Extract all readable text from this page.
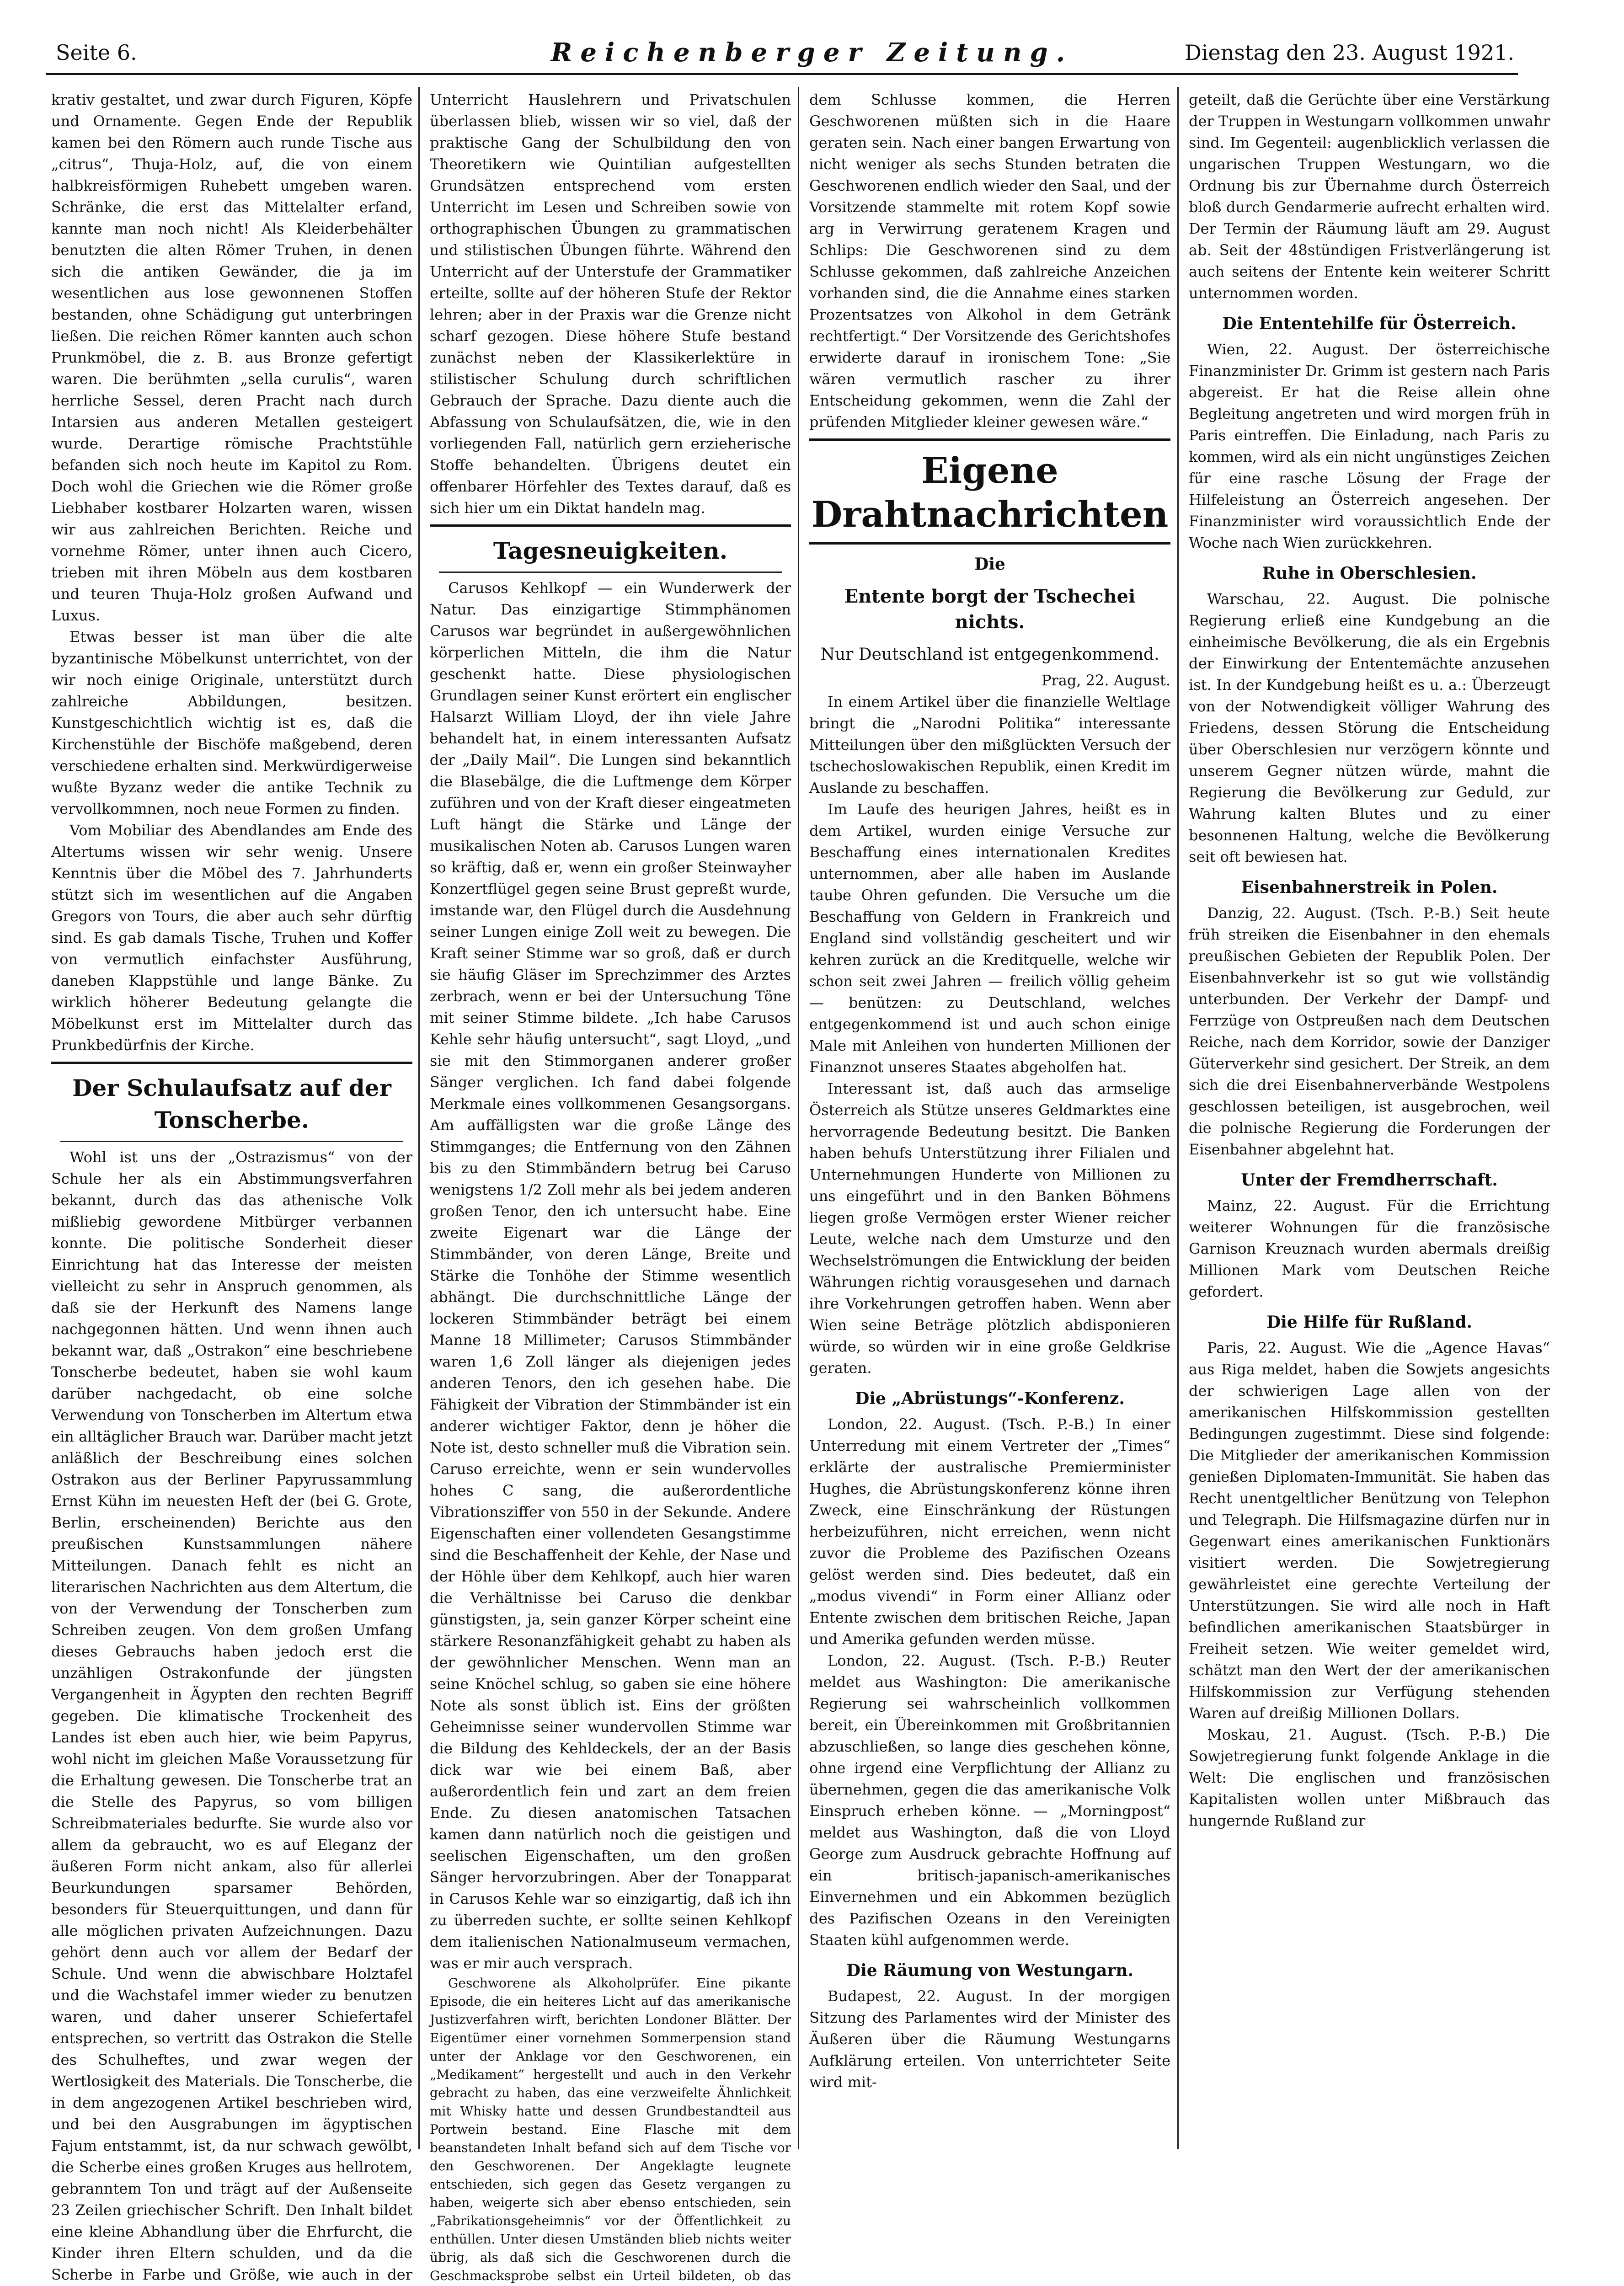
Seite 6.	Reichenberger Zeitung.	Dienstag den 23. August 1921.

krativ gestaltet, und zwar durch Figuren, Köpfe und Ornamente. Gegen Ende der Republik kamen bei den Römern auch runde Tische aus „citrus“, Thuja-Holz, auf, die von einem halbkreisförmigen Ruhebett umgeben waren. Schränke, die erst das Mittelalter erfand, kannte man noch nicht! Als Kleiderbehälter benutzten die alten Römer Truhen, in denen sich die antiken Gewänder, die ja im wesentlichen aus lose gewonnenen Stoffen bestanden, ohne Schädigung gut unterbringen ließen. Die reichen Römer kannten auch schon Prunkmöbel, die z. B. aus Bronze gefertigt waren. Die berühmten „sella curulis“, waren herrliche Sessel, deren Pracht nach durch Intarsien aus anderen Metallen gesteigert wurde. Derartige römische Prachtstühle befanden sich noch heute im Kapitol zu Rom. Doch wohl die Griechen wie die Römer große Liebhaber kostbarer Holzarten waren, wissen wir aus zahlreichen Berichten. Reiche und vornehme Römer, unter ihnen auch Cicero, trieben mit ihren Möbeln aus dem kostbaren und teuren Thuja-Holz großen Aufwand und Luxus.

Etwas besser ist man über die alte byzantinische Möbelkunst unterrichtet, von der wir noch einige Originale, unterstützt durch zahlreiche Abbildungen, besitzen. Kunstgeschichtlich wichtig ist es, daß die Kirchenstühle der Bischöfe maßgebend, deren verschiedene erhalten sind. Merkwürdigerweise wußte Byzanz weder die antike Technik zu vervollkommnen, noch neue Formen zu finden.

Vom Mobiliar des Abendlandes am Ende des Altertums wissen wir sehr wenig. Unsere Kenntnis über die Möbel des 7. Jahrhunderts stützt sich im wesentlichen auf die Angaben Gregors von Tours, die aber auch sehr dürftig sind. Es gab damals Tische, Truhen und Koffer von vermutlich einfachster Ausführung, daneben Klappstühle und lange Bänke. Zu wirklich höherer Bedeutung gelangte die Möbelkunst erst im Mittelalter durch das Prunkbedürfnis der Kirche.

Der Schulaufsatz auf der Tonscherbe.

Wohl ist uns der „Ostrazismus“ von der Schule her als ein Abstimmungsverfahren bekannt, durch das das athenische Volk mißliebig gewordene Mitbürger verbannen konnte. Die politische Sonderheit dieser Einrichtung hat das Interesse der meisten vielleicht zu sehr in Anspruch genommen, als daß sie der Herkunft des Namens lange nachgegonnen hätten. Und wenn ihnen auch bekannt war, daß „Ostrakon“ eine beschriebene Tonscherbe bedeutet, haben sie wohl kaum darüber nachgedacht, ob eine solche Verwendung von Tonscherben im Altertum etwa ein alltäglicher Brauch war. Darüber macht jetzt anläßlich der Beschreibung eines solchen Ostrakon aus der Berliner Papyrussammlung Ernst Kühn im neuesten Heft der (bei G. Grote, Berlin, erscheinenden) Berichte aus den preußischen Kunstsammlungen nähere Mitteilungen. Danach fehlt es nicht an literarischen Nachrichten aus dem Altertum, die von der Verwendung der Tonscherben zum Schreiben zeugen. Von dem großen Umfang dieses Gebrauchs haben jedoch erst die unzähligen Ostrakonfunde der jüngsten Vergangenheit in Ägypten den rechten Begriff gegeben. Die klimatische Trockenheit des Landes ist eben auch hier, wie beim Papyrus, wohl nicht im gleichen Maße Voraussetzung für die Erhaltung gewesen. Die Tonscherbe trat an die Stelle des Papyrus, so vom billigen Schreibmateriales bedurfte. Sie wurde also vor allem da gebraucht, wo es auf Eleganz der äußeren Form nicht ankam, also für allerlei Beurkundungen sparsamer Behörden, besonders für Steuerquittungen, und dann für alle möglichen privaten Aufzeichnungen. Dazu gehört denn auch vor allem der Bedarf der Schule. Und wenn die abwischbare Holztafel und die Wachstafel immer wieder zu benutzen waren, und daher unserer Schiefertafel entsprechen, so vertritt das Ostrakon die Stelle des Schulheftes, und zwar wegen der Wertlosigkeit des Materials. Die Tonscherbe, die in dem angezogenen Artikel beschrieben wird, und bei den Ausgrabungen im ägyptischen Fajum entstammt, ist, da nur schwach gewölbt, die Scherbe eines großen Kruges aus hellrotem, gebranntem Ton und trägt auf der Außenseite 23 Zeilen griechischer Schrift. Den Inhalt bildet eine kleine Abhandlung über die Ehrfurcht, die Kinder ihren Eltern schulden, und da die Scherbe in Farbe und Größe, wie auch in der

Unterricht Hauslehrern und Privatschulen überlassen blieb, wissen wir so viel, daß der praktische Gang der Schulbildung den von Theoretikern wie Quintilian aufgestellten Grundsätzen entsprechend vom ersten Unterricht im Lesen und Schreiben sowie von orthographischen Übungen zu grammatischen und stilistischen Übungen führte. Während den Unterricht auf der Unterstufe der Grammatiker erteilte, sollte auf der höheren Stufe der Rektor lehren; aber in der Praxis war die Grenze nicht scharf gezogen. Diese höhere Stufe bestand zunächst neben der Klassikerlektüre in stilistischer Schulung durch schriftlichen Gebrauch der Sprache. Dazu diente auch die Abfassung von Schulaufsätzen, die, wie in den vorliegenden Fall, natürlich gern erzieherische Stoffe behandelten. Übrigens deutet ein offenbarer Hörfehler des Textes darauf, daß es sich hier um ein Diktat handeln mag.

Tagesneuigkeiten.

Carusos Kehlkopf — ein Wunderwerk der Natur. Das einzigartige Stimmphänomen Carusos war begründet in außergewöhnlichen körperlichen Mitteln, die ihm die Natur geschenkt hatte. Diese physiologischen Grundlagen seiner Kunst erörtert ein englischer Halsarzt William Lloyd, der ihn viele Jahre behandelt hat, in einem interessanten Aufsatz der „Daily Mail“. Die Lungen sind bekanntlich die Blasebälge, die die Luftmenge dem Körper zuführen und von der Kraft dieser eingeatmeten Luft hängt die Stärke und Länge der musikalischen Noten ab. Carusos Lungen waren so kräftig, daß er, wenn ein großer Steinwayher Konzertflügel gegen seine Brust gepreßt wurde, imstande war, den Flügel durch die Ausdehnung seiner Lungen einige Zoll weit zu bewegen. Die Kraft seiner Stimme war so groß, daß er durch sie häufig Gläser im Sprechzimmer des Arztes zerbrach, wenn er bei der Untersuchung Töne mit seiner Stimme bildete. „Ich habe Carusos Kehle sehr häufig untersucht“, sagt Lloyd, „und sie mit den Stimmorganen anderer großer Sänger verglichen. Ich fand dabei folgende Merkmale eines vollkommenen Gesangsorgans. Am auffälligsten war die große Länge des Stimmganges; die Entfernung von den Zähnen bis zu den Stimmbändern betrug bei Caruso wenigstens 1/2 Zoll mehr als bei jedem anderen großen Tenor, den ich untersucht habe. Eine zweite Eigenart war die Länge der Stimmbänder, von deren Länge, Breite und Stärke die Tonhöhe der Stimme wesentlich abhängt. Die durchschnittliche Länge der lockeren Stimmbänder beträgt bei einem Manne 18 Millimeter; Carusos Stimmbänder waren 1,6 Zoll länger als diejenigen jedes anderen Tenors, den ich gesehen habe. Die Fähigkeit der Vibration der Stimmbänder ist ein anderer wichtiger Faktor, denn je höher die Note ist, desto schneller muß die Vibration sein. Caruso erreichte, wenn er sein wundervolles hohes C sang, die außerordentliche Vibrationsziffer von 550 in der Sekunde. Andere Eigenschaften einer vollendeten Gesangstimme sind die Beschaffenheit der Kehle, der Nase und der Höhle über dem Kehlkopf, auch hier waren die Verhältnisse bei Caruso die denkbar günstigsten, ja, sein ganzer Körper scheint eine stärkere Resonanzfähigkeit gehabt zu haben als der gewöhnlicher Menschen. Wenn man an seine Knöchel schlug, so gaben sie eine höhere Note als sonst üblich ist. Eins der größten Geheimnisse seiner wundervollen Stimme war die Bildung des Kehldeckels, der an der Basis dick war wie bei einem Baß, aber außerordentlich fein und zart an dem freien Ende. Zu diesen anatomischen Tatsachen kamen dann natürlich noch die geistigen und seelischen Eigenschaften, um den großen Sänger hervorzubringen. Aber der Tonapparat in Carusos Kehle war so einzigartig, daß ich ihn zu überreden suchte, er sollte seinen Kehlkopf dem italienischen Nationalmuseum vermachen, was er mir auch versprach.

Geschworene als Alkoholprüfer. Eine pikante Episode, die ein heiteres Licht auf das amerikanische Justizverfahren wirft, berichten Londoner Blätter. Der Eigentümer einer vornehmen Sommerpension stand unter der Anklage vor den Geschworenen, ein „Medikament“ hergestellt und auch in den Verkehr gebracht zu haben, das eine verzweifelte Ähnlichkeit mit Whisky hatte und dessen Grundbestandteil aus Portwein bestand. Eine Flasche mit dem beanstandeten Inhalt befand sich auf dem Tische vor den Geschworenen. Der Angeklagte leugnete entschieden, sich gegen das Gesetz vergangen zu haben, weigerte sich aber ebenso entschieden, sein „Fabrikationsgeheimnis“ vor der Öffentlichkeit zu enthüllen. Unter diesen Umständen blieb nichts weiter übrig, als daß sich die Geschworenen durch die Geschmacksprobe selbst ein Urteil bildeten, ob das

dem Schlusse kommen, die Herren Geschworenen müßten sich in die Haare geraten sein. Nach einer bangen Erwartung von nicht weniger als sechs Stunden betraten die Geschworenen endlich wieder den Saal, und der Vorsitzende stammelte mit rotem Kopf sowie arg in Verwirrung geratenem Kragen und Schlips: Die Geschworenen sind zu dem Schlusse gekommen, daß zahlreiche Anzeichen vorhanden sind, die die Annahme eines starken Prozentsatzes von Alkohol in dem Getränk rechtfertigt.“ Der Vorsitzende des Gerichtshofes erwiderte darauf in ironischem Tone: „Sie wären vermutlich rascher zu ihrer Entscheidung gekommen, wenn die Zahl der prüfenden Mitglieder kleiner gewesen wäre.“

Eigene Drahtnachrichten
Die
Entente borgt der Tschechei nichts.
Nur Deutschland ist entgegenkommend.

Prag, 22. August.

In einem Artikel über die finanzielle Weltlage bringt die „Narodni Politika“ interessante Mitteilungen über den mißglückten Versuch der tschechoslowakischen Republik, einen Kredit im Auslande zu beschaffen.

Im Laufe des heurigen Jahres, heißt es in dem Artikel, wurden einige Versuche zur Beschaffung eines internationalen Kredites unternommen, aber alle haben im Auslande taube Ohren gefunden. Die Versuche um die Beschaffung von Geldern in Frankreich und England sind vollständig gescheitert und wir kehren zurück an die Kreditquelle, welche wir schon seit zwei Jahren — freilich völlig geheim — benützen: zu Deutschland, welches entgegenkommend ist und auch schon einige Male mit Anleihen von hunderten Millionen der Finanznot unseres Staates abgeholfen hat.

Interessant ist, daß auch das armselige Österreich als Stütze unseres Geldmarktes eine hervorragende Bedeutung besitzt. Die Banken haben behufs Unterstützung ihrer Filialen und Unternehmungen Hunderte von Millionen zu uns eingeführt und in den Banken Böhmens liegen große Vermögen erster Wiener reicher Leute, welche nach dem Umsturze und den Wechselströmungen die Entwicklung der beiden Währungen richtig vorausgesehen und darnach ihre Vorkehrungen getroffen haben. Wenn aber Wien seine Beträge plötzlich abdisponieren würde, so würden wir in eine große Geldkrise geraten.

Die „Abrüstungs“-Konferenz.

London, 22. August. (Tsch. P.-B.) In einer Unterredung mit einem Vertreter der „Times“ erklärte der australische Premierminister Hughes, die Abrüstungskonferenz könne ihren Zweck, eine Einschränkung der Rüstungen herbeizuführen, nicht erreichen, wenn nicht zuvor die Probleme des Pazifischen Ozeans gelöst werden sind. Dies bedeutet, daß ein „modus vivendi“ in Form einer Allianz oder Entente zwischen dem britischen Reiche, Japan und Amerika gefunden werden müsse.

London, 22. August. (Tsch. P.-B.) Reuter meldet aus Washington: Die amerikanische Regierung sei wahrscheinlich vollkommen bereit, ein Übereinkommen mit Großbritannien abzuschließen, so lange dies geschehen könne, ohne irgend eine Verpflichtung der Allianz zu übernehmen, gegen die das amerikanische Volk Einspruch erheben könne. — „Morningpost“ meldet aus Washington, daß die von Lloyd George zum Ausdruck gebrachte Hoffnung auf ein britisch-japanisch-amerikanisches Einvernehmen und ein Abkommen bezüglich des Pazifischen Ozeans in den Vereinigten Staaten kühl aufgenommen werde.

Die Räumung von Westungarn.

Budapest, 22. August. In der morgigen Sitzung des Parlamentes wird der Minister des Äußeren über die Räumung Westungarns Aufklärung erteilen. Von unterrichteter Seite wird mit-

geteilt, daß die Gerüchte über eine Verstärkung der Truppen in Westungarn vollkommen unwahr sind. Im Gegenteil: augenblicklich verlassen die ungarischen Truppen Westungarn, wo die Ordnung bis zur Übernahme durch Österreich bloß durch Gendarmerie aufrecht erhalten wird. Der Termin der Räumung läuft am 29. August ab. Seit der 48stündigen Fristverlängerung ist auch seitens der Entente kein weiterer Schritt unternommen worden.

Die Ententehilfe für Österreich.

Wien, 22. August. Der österreichische Finanzminister Dr. Grimm ist gestern nach Paris abgereist. Er hat die Reise allein ohne Begleitung angetreten und wird morgen früh in Paris eintreffen. Die Einladung, nach Paris zu kommen, wird als ein nicht ungünstiges Zeichen für eine rasche Lösung der Frage der Hilfeleistung an Österreich angesehen. Der Finanzminister wird voraussichtlich Ende der Woche nach Wien zurückkehren.

Ruhe in Oberschlesien.

Warschau, 22. August. Die polnische Regierung erließ eine Kundgebung an die einheimische Bevölkerung, die als ein Ergebnis der Einwirkung der Ententemächte anzusehen ist. In der Kundgebung heißt es u. a.: Überzeugt von der Notwendigkeit völliger Wahrung des Friedens, dessen Störung die Entscheidung über Oberschlesien nur verzögern könnte und unserem Gegner nützen würde, mahnt die Regierung die Bevölkerung zur Geduld, zur Wahrung kalten Blutes und zu einer besonnenen Haltung, welche die Bevölkerung seit oft bewiesen hat.

Eisenbahnerstreik in Polen.

Danzig, 22. August. (Tsch. P.-B.) Seit heute früh streiken die Eisenbahner in den ehemals preußischen Gebieten der Republik Polen. Der Eisenbahnverkehr ist so gut wie vollständig unterbunden. Der Verkehr der Dampf- und Ferrzüge von Ostpreußen nach dem Deutschen Reiche, nach dem Korridor, sowie der Danziger Güterverkehr sind gesichert. Der Streik, an dem sich die drei Eisenbahnerverbände Westpolens geschlossen beteiligen, ist ausgebrochen, weil die polnische Regierung die Forderungen der Eisenbahner abgelehnt hat.

Unter der Fremdherrschaft.

Mainz, 22. August. Für die Errichtung weiterer Wohnungen für die französische Garnison Kreuznach wurden abermals dreißig Millionen Mark vom Deutschen Reiche gefordert.

Die Hilfe für Rußland.

Paris, 22. August. Wie die „Agence Havas“ aus Riga meldet, haben die Sowjets angesichts der schwierigen Lage allen von der amerikanischen Hilfskommission gestellten Bedingungen zugestimmt. Diese sind folgende: Die Mitglieder der amerikanischen Kommission genießen Diplomaten-Immunität. Sie haben das Recht unentgeltlicher Benützung von Telephon und Telegraph. Die Hilfsmagazine dürfen nur in Gegenwart eines amerikanischen Funktionärs visitiert werden. Die Sowjetregierung gewährleistet eine gerechte Verteilung der Unterstützungen. Sie wird alle noch in Haft befindlichen amerikanischen Staatsbürger in Freiheit setzen. Wie weiter gemeldet wird, schätzt man den Wert der der amerikanischen Hilfskommission zur Verfügung stehenden Waren auf dreißig Millionen Dollars.

Moskau, 21. August. (Tsch. P.-B.) Die Sowjetregierung funkt folgende Anklage in die Welt: Die englischen und französischen Kapitalisten wollen unter Mißbrauch das hungernde Rußland zur
